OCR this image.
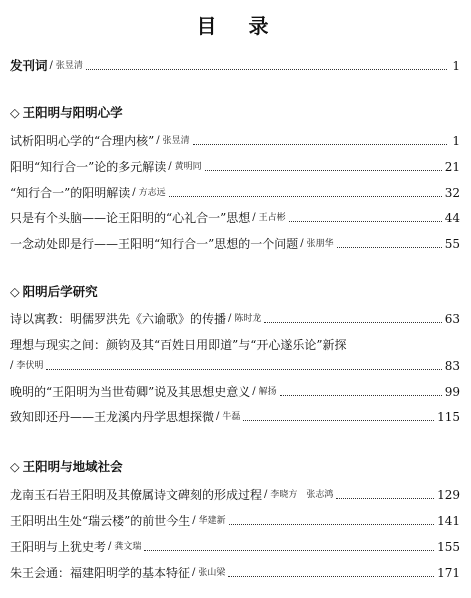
目　录
发刊词 / 张昱清	1
◇ 王阳明与阳明心学
试析阳明心学的“合理内核” / 张昱清	1
阳明“知行合一”论的多元解读 / 黄明同	21
“知行合一”的阳明解读 / 方志远	32
只是有个头脑——论王阳明的“心礼合一”思想 / 王占彬	44
一念动处即是行——王阳明“知行合一”思想的一个问题 / 张朋华	55
◇ 阳明后学研究
诗以寓教：明儒罗洪先《六谕歌》的传播 / 陈时龙	63
理想与现实之间：颜钧及其“百姓日用即道”与“开心遂乐论”新探
/ 李伏明	83
晚明的“王阳明为当世荀卿”说及其思想史意义 / 解扬	99
致知即还丹——王龙溪内丹学思想探微 / 牛磊	115
◇ 王阳明与地域社会
龙南玉石岩王阳明及其僚属诗文碑刻的形成过程 / 李晓方　张志鸿	129
王阳明出生处“瑞云楼”的前世今生 / 华建新	141
王阳明与上犹史考 / 龚文瑞	155
朱王会通：福建阳明学的基本特征 / 张山梁	171
